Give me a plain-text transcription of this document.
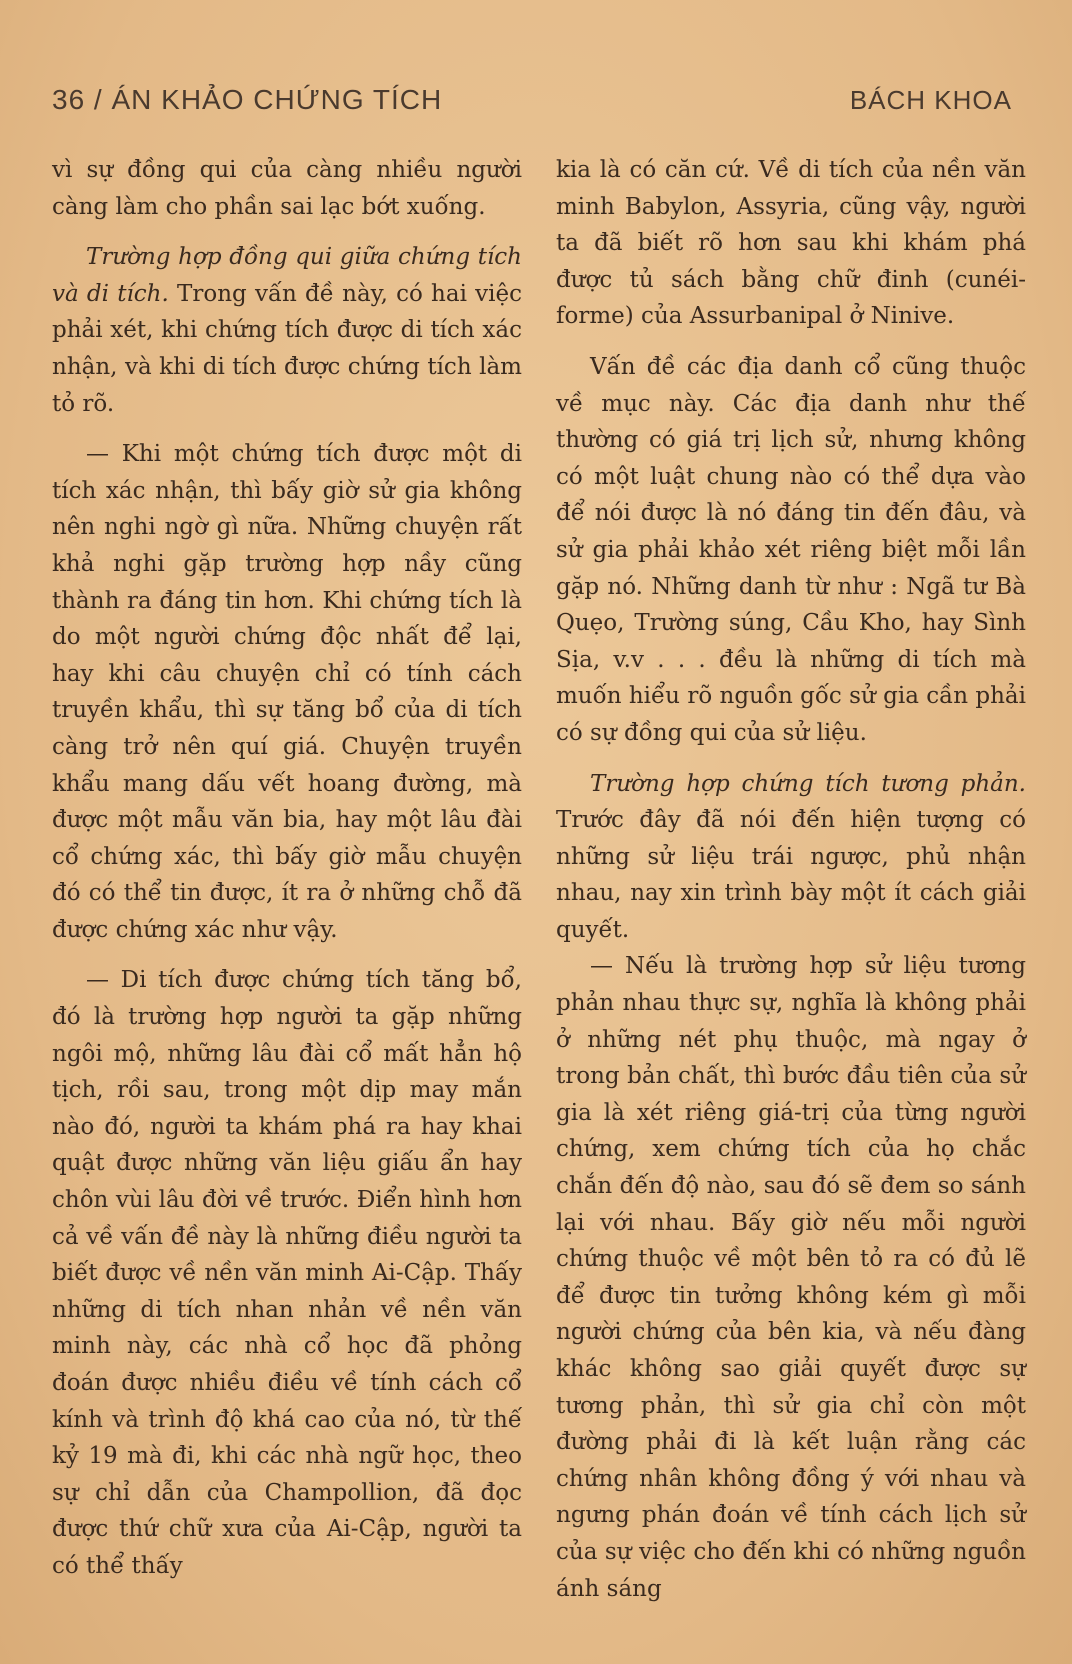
36 / ÁN KHẢO CHỨNG TÍCH	BÁCH KHOA

vì sự đồng qui của càng nhiều người càng làm cho phần sai lạc bớt xuống.

Trường hợp đồng qui giữa chứng tích và di tích. Trong vấn đề này, có hai việc phải xét, khi chứng tích được di tích xác nhận, và khi di tích được chứng tích làm tỏ rõ.

— Khi một chứng tích được một di tích xác nhận, thì bấy giờ sử gia không nên nghi ngờ gì nữa. Những chuyện rất khả nghi gặp trường hợp nầy cũng thành ra đáng tin hơn. Khi chứng tích là do một người chứng độc nhất để lại, hay khi câu chuyện chỉ có tính cách truyền khẩu, thì sự tăng bổ của di tích càng trở nên quí giá. Chuyện truyền khẩu mang dấu vết hoang đường, mà được một mẫu văn bia, hay một lâu đài cổ chứng xác, thì bấy giờ mẫu chuyện đó có thể tin được, ít ra ở những chỗ đã được chứng xác như vậy.

— Di tích được chứng tích tăng bổ, đó là trường hợp người ta gặp những ngôi mộ, những lâu đài cổ mất hẳn hộ tịch, rồi sau, trong một dịp may mắn nào đó, người ta khám phá ra hay khai quật được những văn liệu giấu ẩn hay chôn vùi lâu đời về trước. Điển hình hơn cả về vấn đề này là những điều người ta biết được về nền văn minh Ai-Cập. Thấy những di tích nhan nhản về nền văn minh này, các nhà cổ học đã phỏng đoán được nhiều điều về tính cách cổ kính và trình độ khá cao của nó, từ thế kỷ 19 mà đi, khi các nhà ngữ học, theo sự chỉ dẫn của Champollion, đã đọc được thứ chữ xưa của Ai-Cập, người ta có thể thấy

kia là có căn cứ. Về di tích của nền văn minh Babylon, Assyria, cũng vậy, người ta đã biết rõ hơn sau khi khám phá được tủ sách bằng chữ đinh (cunéi-forme) của Assurbanipal ở Ninive.

Vấn đề các địa danh cổ cũng thuộc về mục này. Các địa danh như thế thường có giá trị lịch sử, nhưng không có một luật chung nào có thể dựa vào để nói được là nó đáng tin đến đâu, và sử gia phải khảo xét riêng biệt mỗi lần gặp nó. Những danh từ như : Ngã tư Bà Quẹo, Trường súng, Cầu Kho, hay Sình Sịa, v.v . . . đều là những di tích mà muốn hiểu rõ nguồn gốc sử gia cần phải có sự đồng qui của sử liệu.

Trường hợp chứng tích tương phản. Trước đây đã nói đến hiện tượng có những sử liệu trái ngược, phủ nhận nhau, nay xin trình bày một ít cách giải quyết.

— Nếu là trường hợp sử liệu tương phản nhau thực sự, nghĩa là không phải ở những nét phụ thuộc, mà ngay ở trong bản chất, thì bước đầu tiên của sử gia là xét riêng giá-trị của từng người chứng, xem chứng tích của họ chắc chắn đến độ nào, sau đó sẽ đem so sánh lại với nhau. Bấy giờ nếu mỗi người chứng thuộc về một bên tỏ ra có đủ lẽ để được tin tưởng không kém gì mỗi người chứng của bên kia, và nếu đàng khác không sao giải quyết được sự tương phản, thì sử gia chỉ còn một đường phải đi là kết luận rằng các chứng nhân không đồng ý với nhau và ngưng phán đoán về tính cách lịch sử của sự việc cho đến khi có những nguồn ánh sáng
